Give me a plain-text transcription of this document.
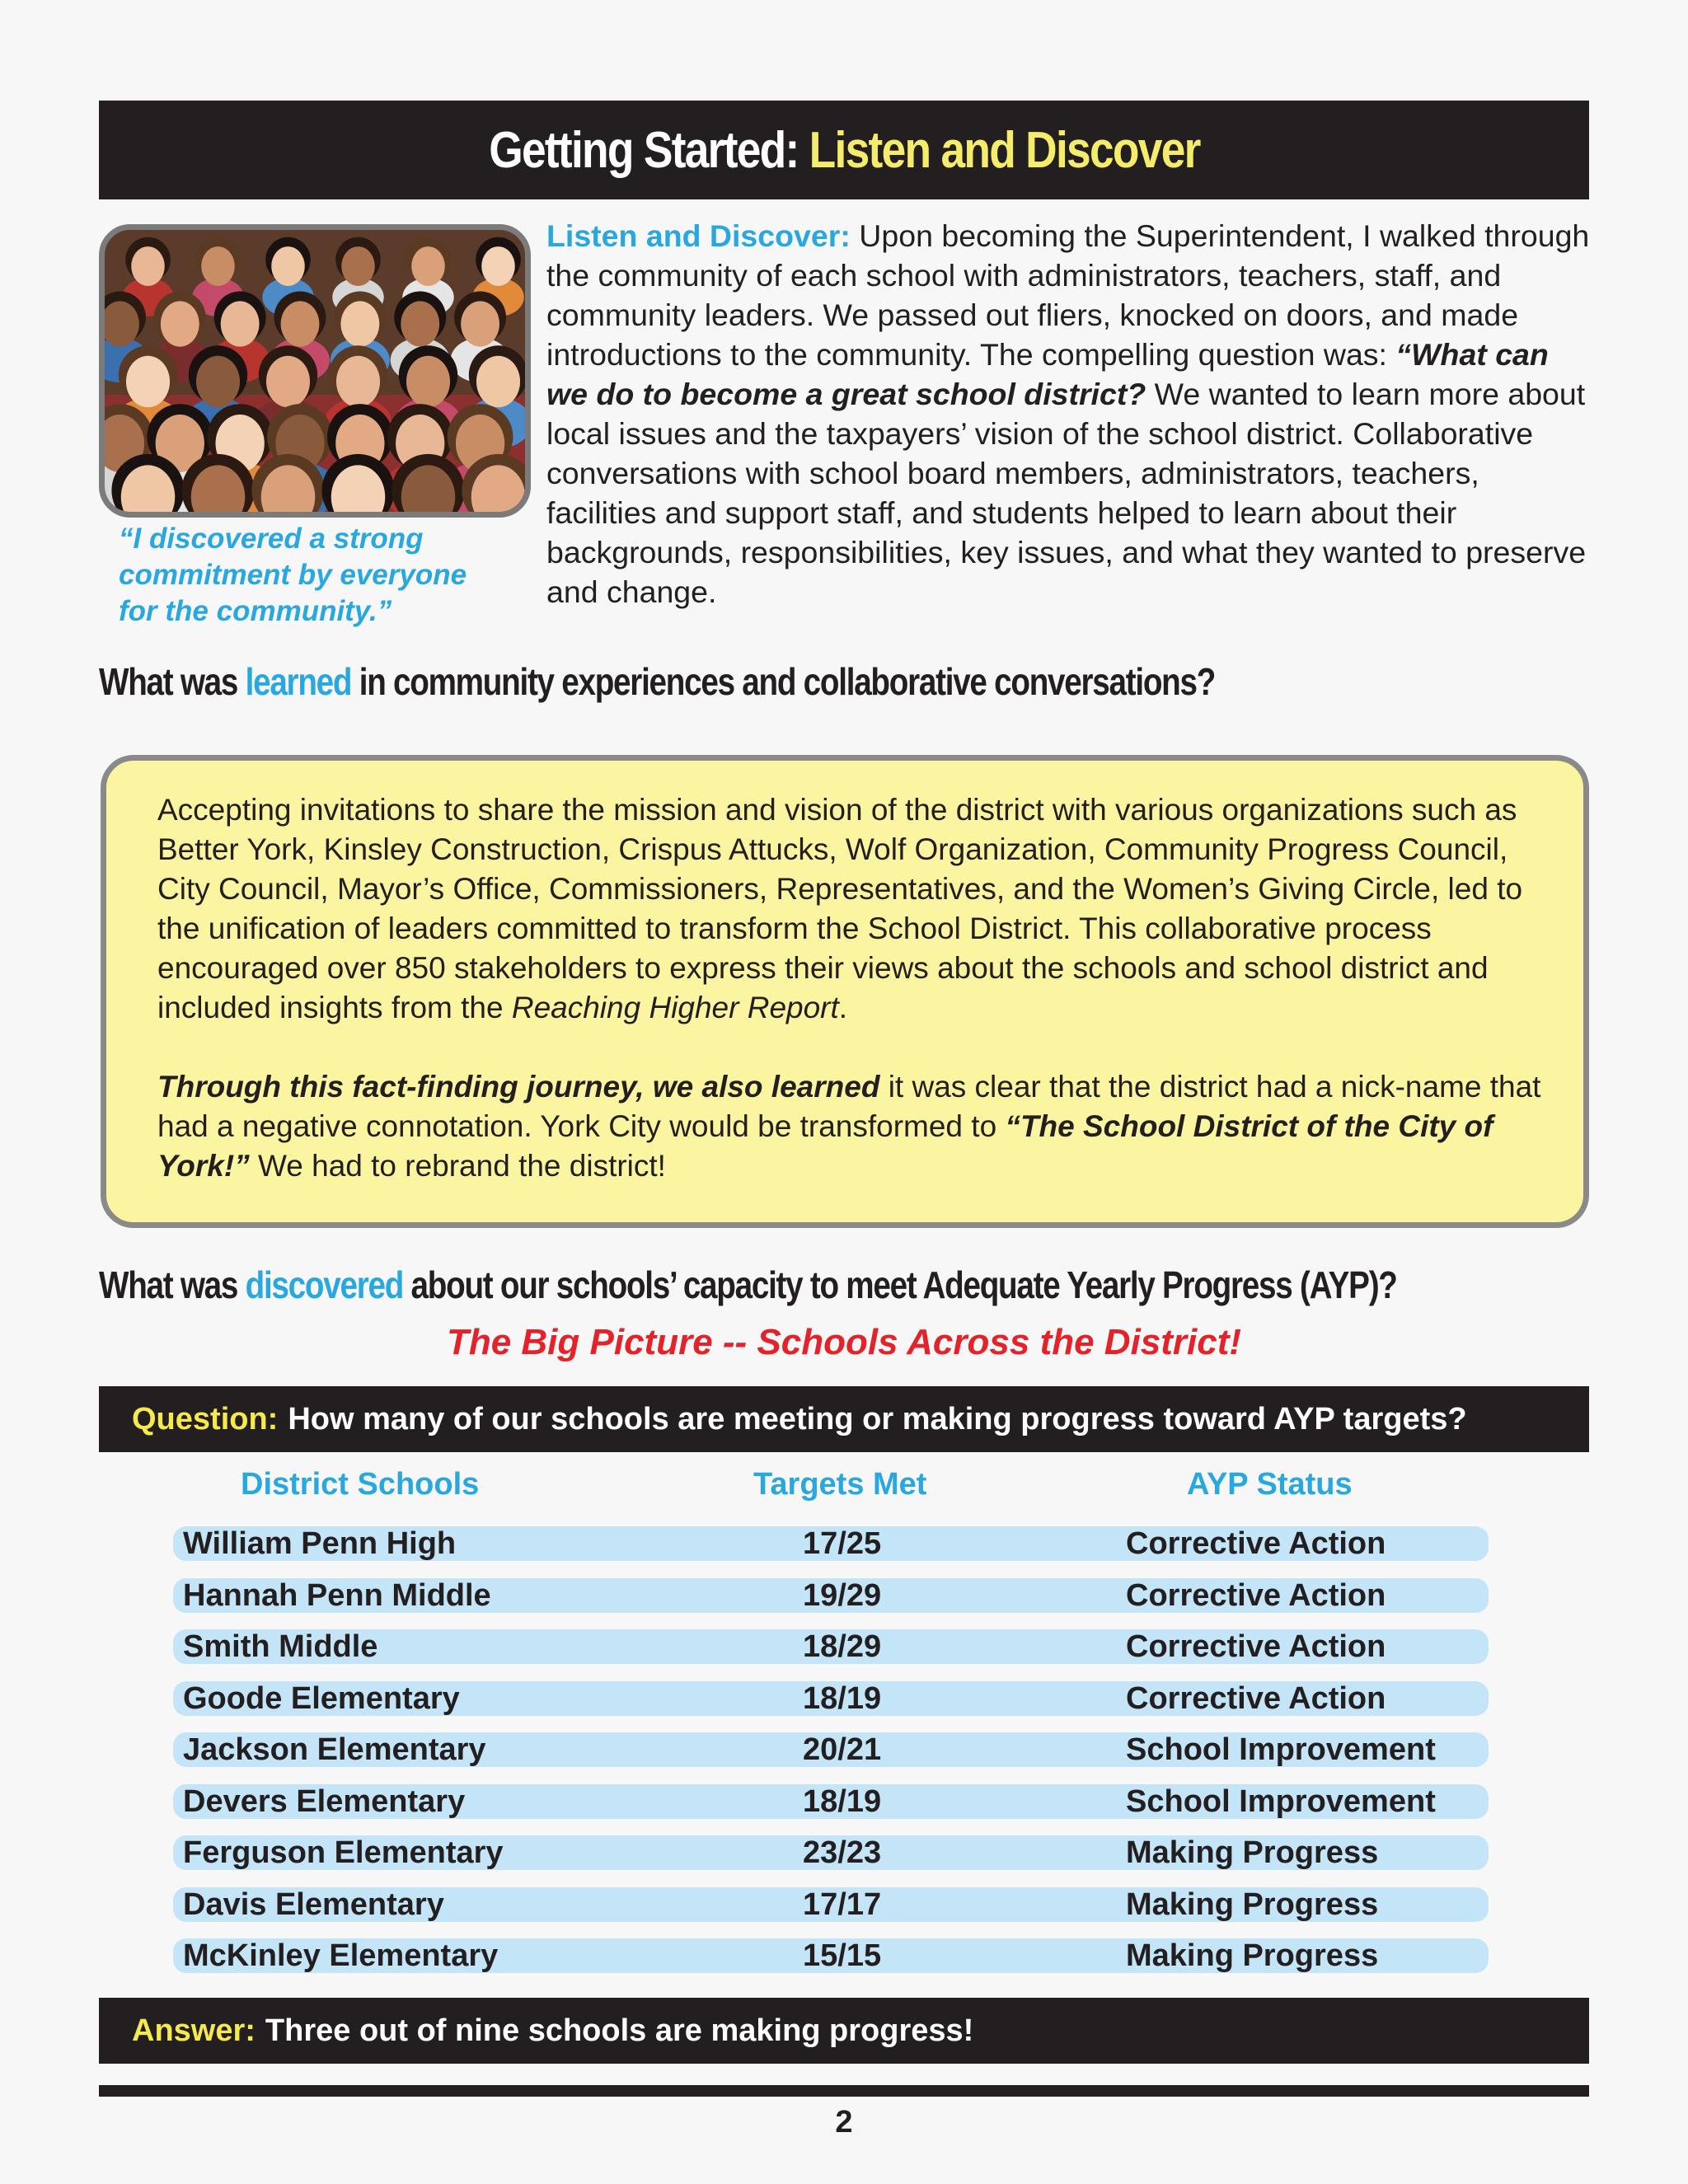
Getting Started: Listen and Discover
“I discovered a strong commitment by everyone for the community.”
Listen and Discover: Upon becoming the Superintendent, I walked through the community of each school with administrators, teachers, staff, and community leaders. We passed out fliers, knocked on doors, and made introductions to the community. The compelling question was: “What can we do to become a great school district? We wanted to learn more about local issues and the taxpayers’ vision of the school district. Collaborative conversations with school board members, administrators, teachers, facilities and support staff, and students helped to learn about their backgrounds, responsibilities, key issues, and what they wanted to preserve and change.
What was learned in community experiences and collaborative conversations?
Accepting invitations to share the mission and vision of the district with various organizations such as Better York, Kinsley Construction, Crispus Attucks, Wolf Organization, Community Progress Council, City Council, Mayor’s Office, Commissioners, Representatives, and the Women’s Giving Circle, led to the unification of leaders committed to transform the School District. This collaborative process encouraged over 850 stakeholders to express their views about the schools and school district and included insights from the Reaching Higher Report.
Through this fact-finding journey, we also learned it was clear that the district had a nick-name that had a negative connotation. York City would be transformed to “The School District of the City of York!” We had to rebrand the district!
What was discovered about our schools’ capacity to meet Adequate Yearly Progress (AYP)?
The Big Picture -- Schools Across the District!
Question: How many of our schools are meeting or making progress toward AYP targets?
District Schools	Targets Met	AYP Status
William Penn High	17/25	Corrective Action
Hannah Penn Middle	19/29	Corrective Action
Smith Middle	18/29	Corrective Action
Goode Elementary	18/19	Corrective Action
Jackson Elementary	20/21	School Improvement
Devers Elementary	18/19	School Improvement
Ferguson Elementary	23/23	Making Progress
Davis Elementary	17/17	Making Progress
McKinley Elementary	15/15	Making Progress
Answer: Three out of nine schools are making progress!
2
